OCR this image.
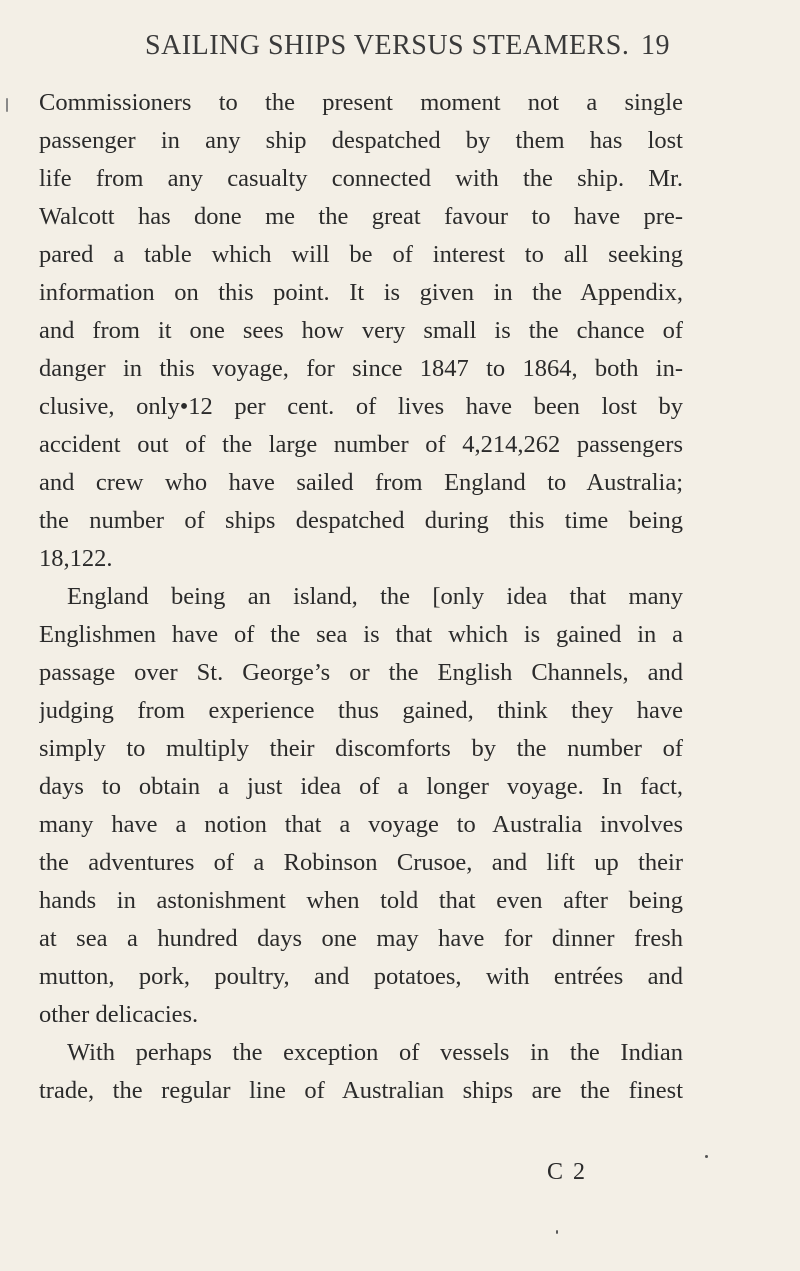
SAILING SHIPS VERSUS STEAMERS. 19
Commissioners to the present moment not a single
passenger in any ship despatched by them has lost
life from any casualty connected with the ship. Mr.
Walcott has done me the great favour to have pre-
pared a table which will be of interest to all seeking
information on this point. It is given in the Appendix,
and from it one sees how very small is the chance of
danger in this voyage, for since 1847 to 1864, both in-
clusive, only•12 per cent. of lives have been lost by
accident out of the large number of 4,214,262 passengers
and crew who have sailed from England to Australia;
the number of ships despatched during this time being
18,122.
England being an island, the [only idea that many
Englishmen have of the sea is that which is gained in a
passage over St. George’s or the English Channels, and
judging from experience thus gained, think they have
simply to multiply their discomforts by the number of
days to obtain a just idea of a longer voyage. In fact,
many have a notion that a voyage to Australia involves
the adventures of a Robinson Crusoe, and lift up their
hands in astonishment when told that even after being
at sea a hundred days one may have for dinner fresh
mutton, pork, poultry, and potatoes, with entrées and
other delicacies.
With perhaps the exception of vessels in the Indian
trade, the regular line of Australian ships are the finest
C 2
